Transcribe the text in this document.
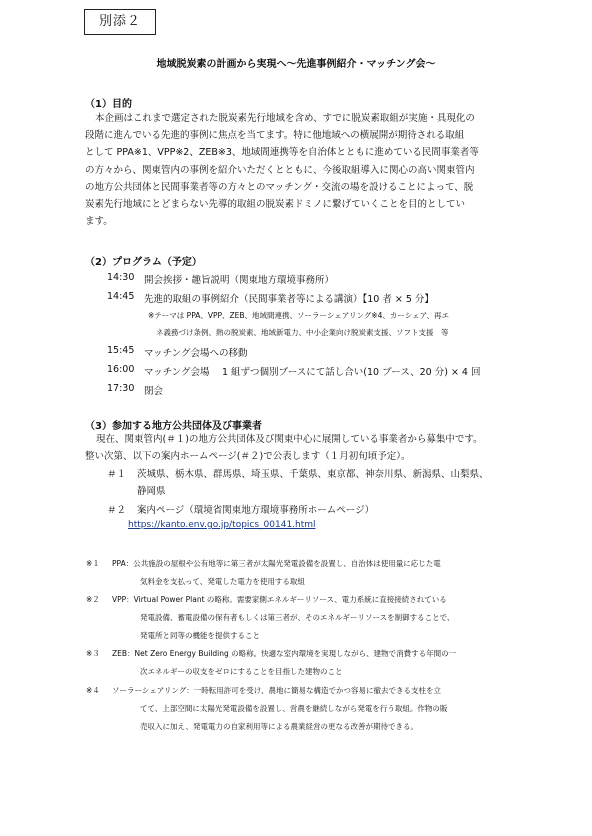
別添２
地域脱炭素の計画から実現へ～先進事例紹介・マッチング会～
（1）目的
本企画はこれまで選定された脱炭素先行地域を含め、すでに脱炭素取組が実施・具現化の
段階に進んでいる先進的事例に焦点を当てます。特に他地域への横展開が期待される取組
として PPA※1、VPP※2、ZEB※3、地域間連携等を自治体とともに進めている民間事業者等
の方々から、関東管内の事例を紹介いただくとともに、今後取組導入に関心の高い関東管内
の地方公共団体と民間事業者等の方々とのマッチング・交流の場を設けることによって、脱
炭素先行地域にとどまらない先導的取組の脱炭素ドミノに繋げていくことを目的としてい
ます。
（2）プログラム（予定）
14:30 開会挨拶・趣旨説明（関東地方環境事務所）
14:45 先進的取組の事例紹介（民間事業者等による講演）【10 者 × 5 分】
※テーマは PPA、VPP、ZEB、地域間連携、ソーラーシェアリング※4、カーシェア、再エ
ネ義務づけ条例、熱の脱炭素、地域新電力、中小企業向け脱炭素支援、ソフト支援　等
15:45 マッチング会場への移動
16:00 マッチング会場　 1 組ずつ個別ブースにて話し合い(10 ブース、20 分) × 4 回
17:30 閉会
（3）参加する地方公共団体及び事業者
現在、関東管内(＃１)の地方公共団体及び関東中心に展開している事業者から募集中です。
整い次第、以下の案内ホームページ(＃２)で公表します（１月初旬頃予定）。
＃１ 茨城県、栃木県、群馬県、埼玉県、千葉県、東京都、神奈川県、新潟県、山梨県、
静岡県
＃２ 案内ページ（環境省関東地方環境事務所ホームページ）
https://kanto.env.go.jp/topics_00141.html
※１ PPA：公共施設の屋根や公有地等に第三者が太陽光発電設備を設置し、自治体は使用量に応じた電
気料金を支払って、発電した電力を使用する取組
※２ VPP：Virtual Power Plant の略称。需要家側エネルギーリソース、電力系統に直接接続されている
発電設備、蓄電設備の保有者もしくは第三者が、そのエネルギーリソースを制御することで、
発電所と同等の機能を提供すること
※３ ZEB：Net Zero Energy Building の略称。快適な室内環境を実現しながら、建物で消費する年間の一
次エネルギーの収支をゼロにすることを目指した建物のこと
※４ ソーラーシェアリング：一時転用許可を受け、農地に簡易な構造でかつ容易に撤去できる支柱を立
てて、上部空間に太陽光発電設備を設置し、営農を継続しながら発電を行う取組。作物の販
売収入に加え、発電電力の自家利用等による農業経営の更なる改善が期待できる。
